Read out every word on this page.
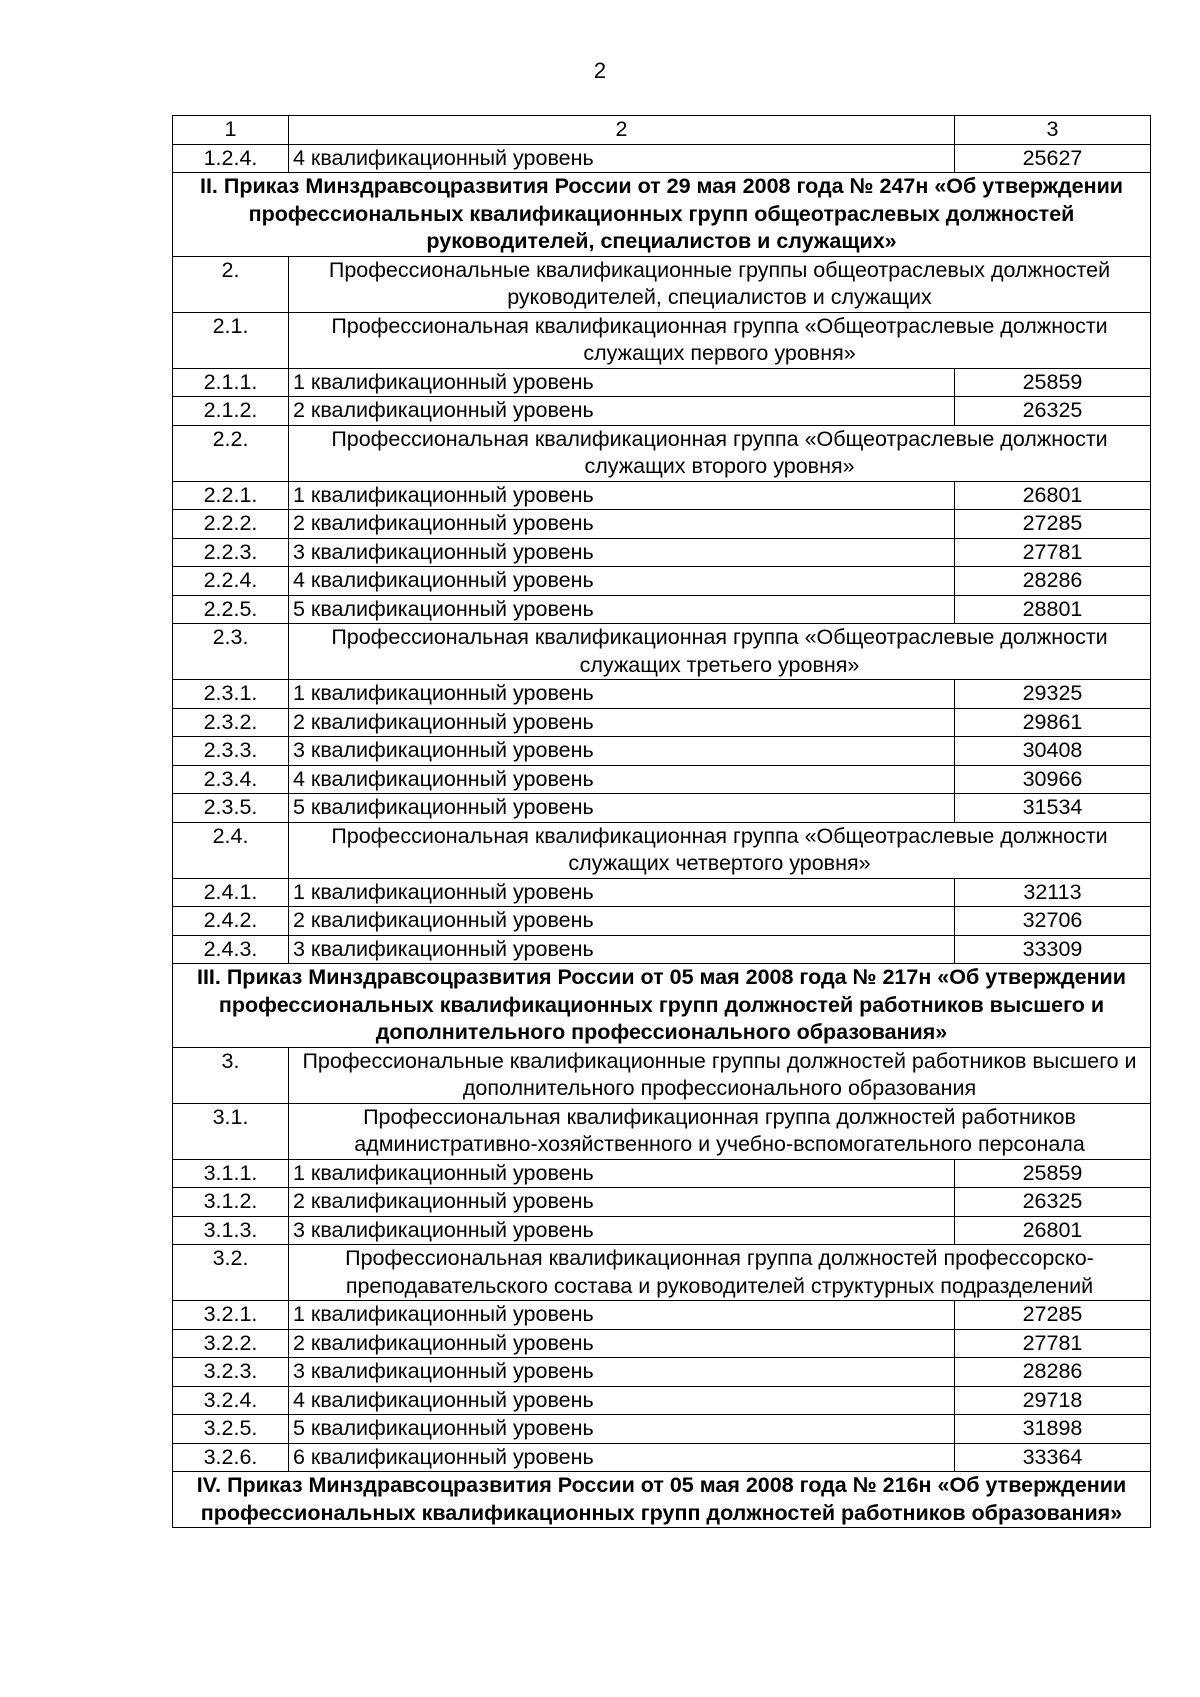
2
1	2	3
1.2.4.	4 квалификационный уровень	25627
II. Приказ Минздравсоцразвития России от 29 мая 2008 года № 247н «Об утверждении профессиональных квалификационных групп общеотраслевых должностей руководителей, специалистов и служащих»		
2.	Профессиональные квалификационные группы общеотраслевых должностей руководителей, специалистов и служащих	
2.1.	Профессиональная квалификационная группа «Общеотраслевые должности служащих первого уровня»	
2.1.1.	1 квалификационный уровень	25859
2.1.2.	2 квалификационный уровень	26325
2.2.	Профессиональная квалификационная группа «Общеотраслевые должности служащих второго уровня»	
2.2.1.	1 квалификационный уровень	26801
2.2.2.	2 квалификационный уровень	27285
2.2.3.	3 квалификационный уровень	27781
2.2.4.	4 квалификационный уровень	28286
2.2.5.	5 квалификационный уровень	28801
2.3.	Профессиональная квалификационная группа «Общеотраслевые должности служащих третьего уровня»	
2.3.1.	1 квалификационный уровень	29325
2.3.2.	2 квалификационный уровень	29861
2.3.3.	3 квалификационный уровень	30408
2.3.4.	4 квалификационный уровень	30966
2.3.5.	5 квалификационный уровень	31534
2.4.	Профессиональная квалификационная группа «Общеотраслевые должности служащих четвертого уровня»	
2.4.1.	1 квалификационный уровень	32113
2.4.2.	2 квалификационный уровень	32706
2.4.3.	3 квалификационный уровень	33309
III. Приказ Минздравсоцразвития России от 05 мая 2008 года № 217н «Об утверждении профессиональных квалификационных групп должностей работников высшего и дополнительного профессионального образования»		
3.	Профессиональные квалификационные группы должностей работников высшего и дополнительного профессионального образования	
3.1.	Профессиональная квалификационная группа должностей работников административно-хозяйственного и учебно-вспомогательного персонала	
3.1.1.	1 квалификационный уровень	25859
3.1.2.	2 квалификационный уровень	26325
3.1.3.	3 квалификационный уровень	26801
3.2.	Профессиональная квалификационная группа должностей профессорско-преподавательского состава и руководителей структурных подразделений	
3.2.1.	1 квалификационный уровень	27285
3.2.2.	2 квалификационный уровень	27781
3.2.3.	3 квалификационный уровень	28286
3.2.4.	4 квалификационный уровень	29718
3.2.5.	5 квалификационный уровень	31898
3.2.6.	6 квалификационный уровень	33364
IV. Приказ Минздравсоцразвития России от 05 мая 2008 года № 216н «Об утверждении профессиональных квалификационных групп должностей работников образования»		
